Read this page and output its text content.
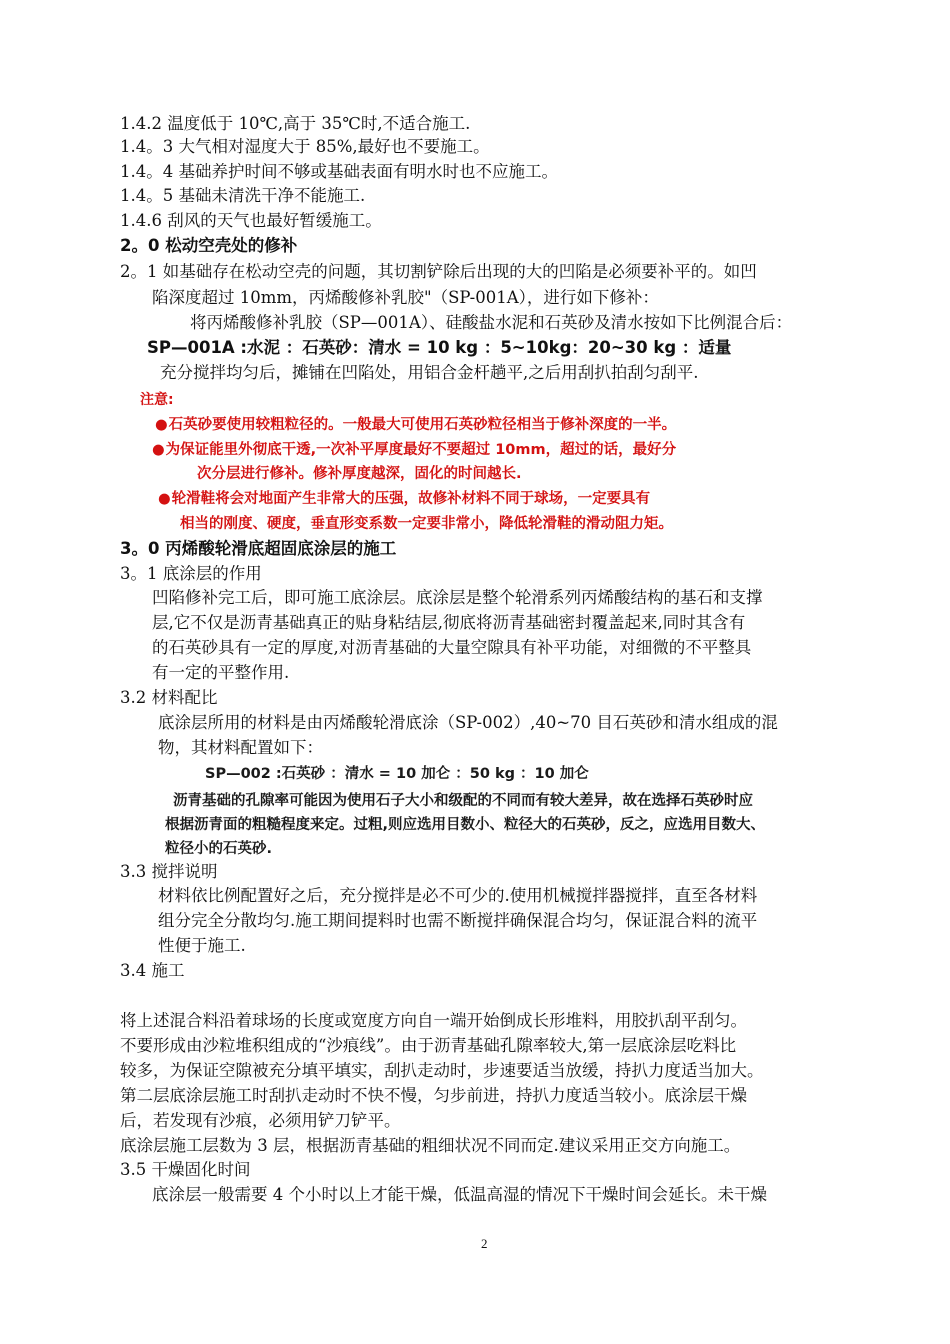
1.4.2 温度低于 10℃,高于 35℃时,不适合施工.
1.4。3 大气相对湿度大于 85%,最好也不要施工。
1.4。4 基础养护时间不够或基础表面有明水时也不应施工。
1.4。5 基础未清洗干净不能施工.
1.4.6 刮风的天气也最好暂缓施工。
2。0 松动空壳处的修补
2。1 如基础存在松动空壳的问题，其切割铲除后出现的大的凹陷是必须要补平的。如凹
陷深度超过 10mm，丙烯酸修补乳胶"（SP-001A），进行如下修补：
将丙烯酸修补乳胶（SP—001A）、硅酸盐水泥和石英砂及清水按如下比例混合后：
SP—001A :水泥 ：石英砂：清水 = 10 kg ：5~10kg：20~30 kg ：适量
充分搅拌均匀后，摊铺在凹陷处，用铝合金杆趟平,之后用刮扒拍刮匀刮平.
注意:
●石英砂要使用较粗粒径的。一般最大可使用石英砂粒径相当于修补深度的一半。
●为保证能里外彻底干透,一次补平厚度最好不要超过 10mm，超过的话，最好分
次分层进行修补。修补厚度越深，固化的时间越长.
●轮滑鞋将会对地面产生非常大的压强，故修补材料不同于球场，一定要具有
相当的刚度、硬度，垂直形变系数一定要非常小，降低轮滑鞋的滑动阻力矩。
3。0 丙烯酸轮滑底超固底涂层的施工
3。1 底涂层的作用
凹陷修补完工后，即可施工底涂层。底涂层是整个轮滑系列丙烯酸结构的基石和支撑
层,它不仅是沥青基础真正的贴身粘结层,彻底将沥青基础密封覆盖起来,同时其含有
的石英砂具有一定的厚度,对沥青基础的大量空隙具有补平功能，对细微的不平整具
有一定的平整作用.
3.2 材料配比
底涂层所用的材料是由丙烯酸轮滑底涂（SP-002）,40~70 目石英砂和清水组成的混
物，其材料配置如下：
SP—002 :石英砂 ：清水 = 10 加仑 ：50 kg ：10 加仑
沥青基础的孔隙率可能因为使用石子大小和级配的不同而有较大差异，故在选择石英砂时应
根据沥青面的粗糙程度来定。过粗,则应选用目数小、粒径大的石英砂，反之，应选用目数大、
粒径小的石英砂.
3.3 搅拌说明
材料依比例配置好之后，充分搅拌是必不可少的.使用机械搅拌器搅拌，直至各材料
组分完全分散均匀.施工期间提料时也需不断搅拌确保混合均匀，保证混合料的流平
性便于施工.
3.4 施工
将上述混合料沿着球场的长度或宽度方向自一端开始倒成长形堆料，用胶扒刮平刮匀。
不要形成由沙粒堆积组成的“沙痕线”。由于沥青基础孔隙率较大,第一层底涂层吃料比
较多，为保证空隙被充分填平填实，刮扒走动时，步速要适当放缓，持扒力度适当加大。
第二层底涂层施工时刮扒走动时不快不慢，匀步前进，持扒力度适当较小。底涂层干燥
后，若发现有沙痕，必须用铲刀铲平。
底涂层施工层数为 3 层，根据沥青基础的粗细状况不同而定.建议采用正交方向施工。
3.5 干燥固化时间
底涂层一般需要 4 个小时以上才能干燥，低温高湿的情况下干燥时间会延长。未干燥
2
